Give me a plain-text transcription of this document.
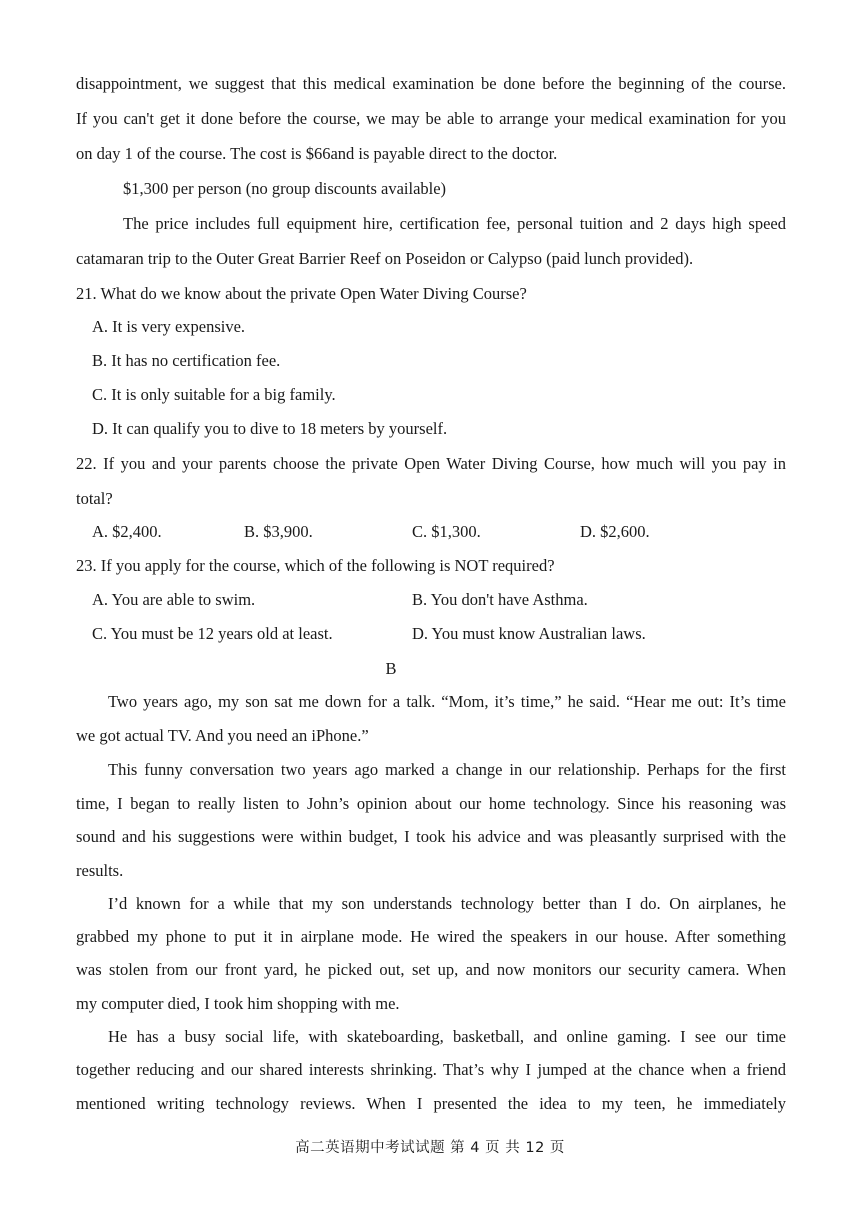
disappointment, we suggest that this medical examination be done before the beginning of the course.
If you can't get it done before the course, we may be able to arrange your medical examination for you
on day 1 of the course. The cost is $66and is payable direct to the doctor.
$1,300 per person (no group discounts available)
The price includes full equipment hire, certification fee, personal tuition and 2 days high speed
catamaran trip to the Outer Great Barrier Reef on Poseidon or Calypso (paid lunch provided).
21. What do we know about the private Open Water Diving Course?
A. It is very expensive.
B. It has no certification fee.
C. It is only suitable for a big family.
D. It can qualify you to dive to 18 meters by yourself.
22. If you and your parents choose the private Open Water Diving Course, how much will you pay in
total?
A. $2,400.	B. $3,900.	C. $1,300.	D. $2,600.
23. If you apply for the course, which of the following is NOT required?
A. You are able to swim.	B. You don't have Asthma.
C. You must be 12 years old at least.	D. You must know Australian laws.
B
Two years ago, my son sat me down for a talk. “Mom, it’s time,” he said. “Hear me out: It’s time
we got actual TV. And you need an iPhone.”
This funny conversation two years ago marked a change in our relationship. Perhaps for the first
time, I began to really listen to John’s opinion about our home technology. Since his reasoning was
sound and his suggestions were within budget, I took his advice and was pleasantly surprised with the
results.
I’d known for a while that my son understands technology better than I do. On airplanes, he
grabbed my phone to put it in airplane mode. He wired the speakers in our house. After something
was stolen from our front yard, he picked out, set up, and now monitors our security camera. When
my computer died, I took him shopping with me.
He has a busy social life, with skateboarding, basketball, and online gaming. I see our time
together reducing and our shared interests shrinking. That’s why I jumped at the chance when a friend
mentioned writing technology reviews. When I presented the idea to my teen, he immediately
高二英语期中考试试题 第 4 页 共 12 页
